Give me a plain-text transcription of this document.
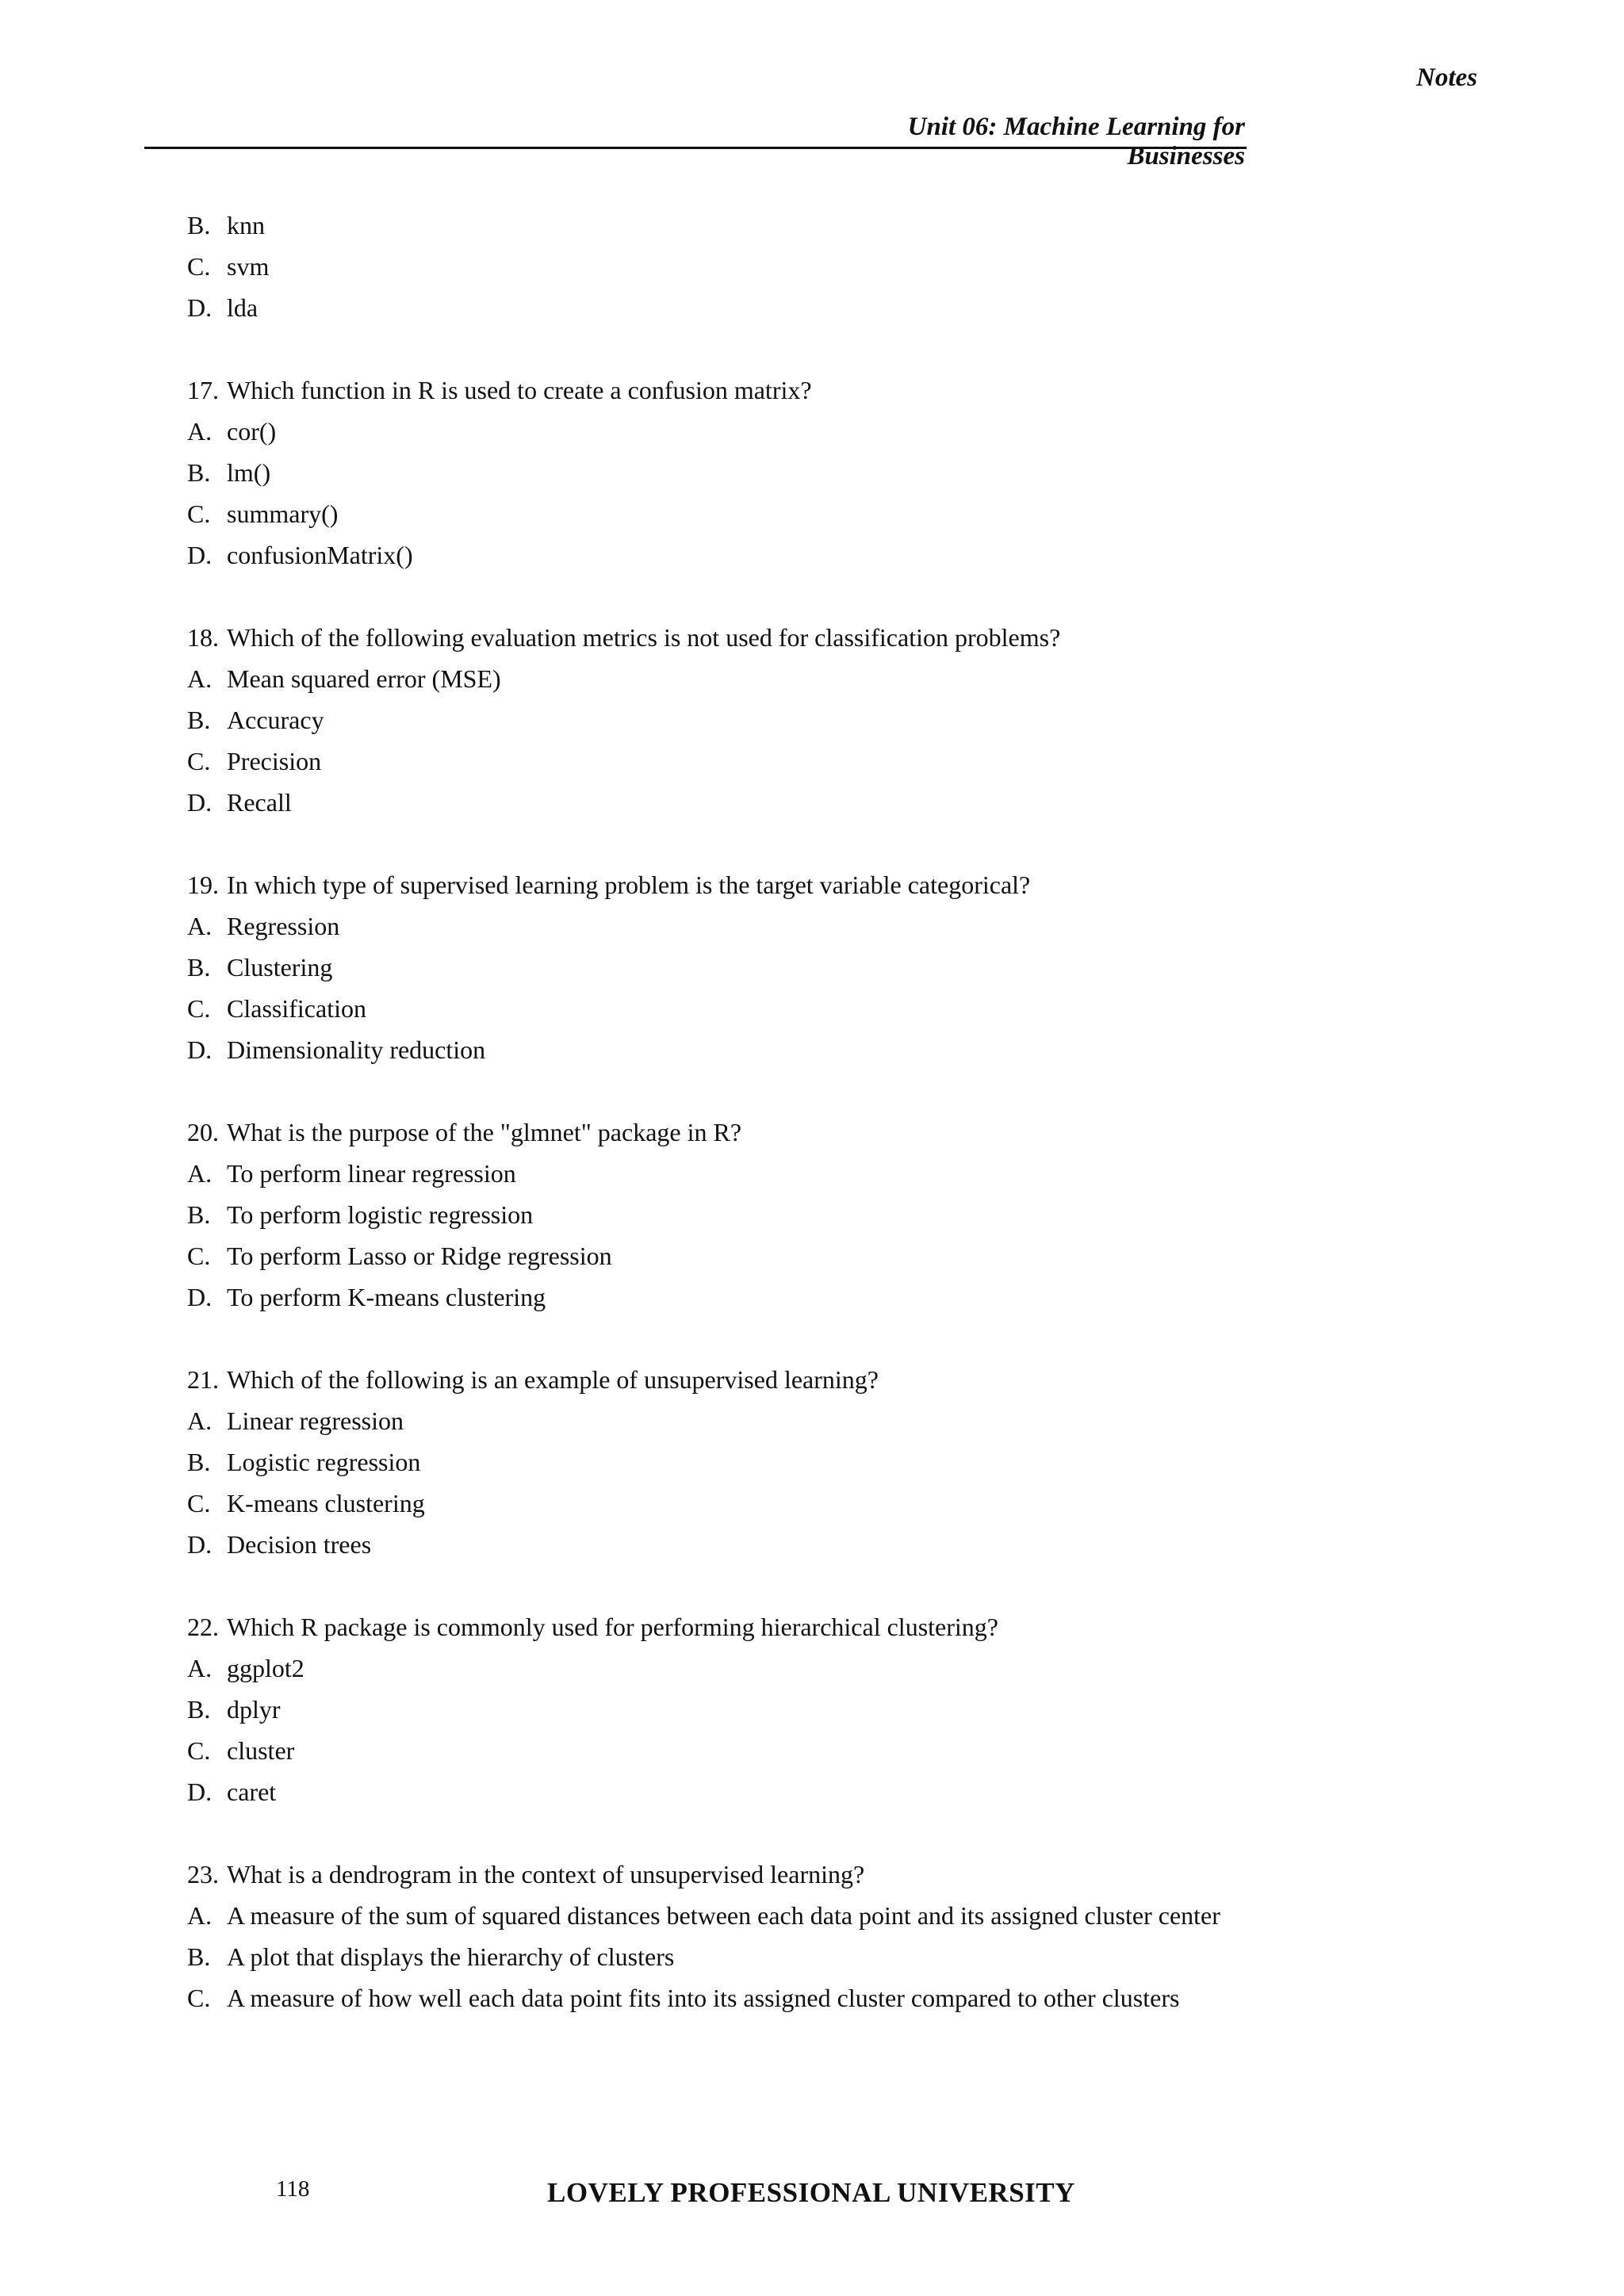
Notes
Unit 06: Machine Learning for Businesses
B. knn
C. svm
D. lda
17. Which function in R is used to create a confusion matrix?
A. cor()
B. lm()
C. summary()
D. confusionMatrix()
18. Which of the following evaluation metrics is not used for classification problems?
A. Mean squared error (MSE)
B. Accuracy
C. Precision
D. Recall
19. In which type of supervised learning problem is the target variable categorical?
A. Regression
B. Clustering
C. Classification
D. Dimensionality reduction
20. What is the purpose of the "glmnet" package in R?
A. To perform linear regression
B. To perform logistic regression
C. To perform Lasso or Ridge regression
D. To perform K-means clustering
21. Which of the following is an example of unsupervised learning?
A. Linear regression
B. Logistic regression
C. K-means clustering
D. Decision trees
22. Which R package is commonly used for performing hierarchical clustering?
A. ggplot2
B. dplyr
C. cluster
D. caret
23. What is a dendrogram in the context of unsupervised learning?
A. A measure of the sum of squared distances between each data point and its assigned cluster center
B. A plot that displays the hierarchy of clusters
C. A measure of how well each data point fits into its assigned cluster compared to other clusters
118	LOVELY PROFESSIONAL UNIVERSITY
